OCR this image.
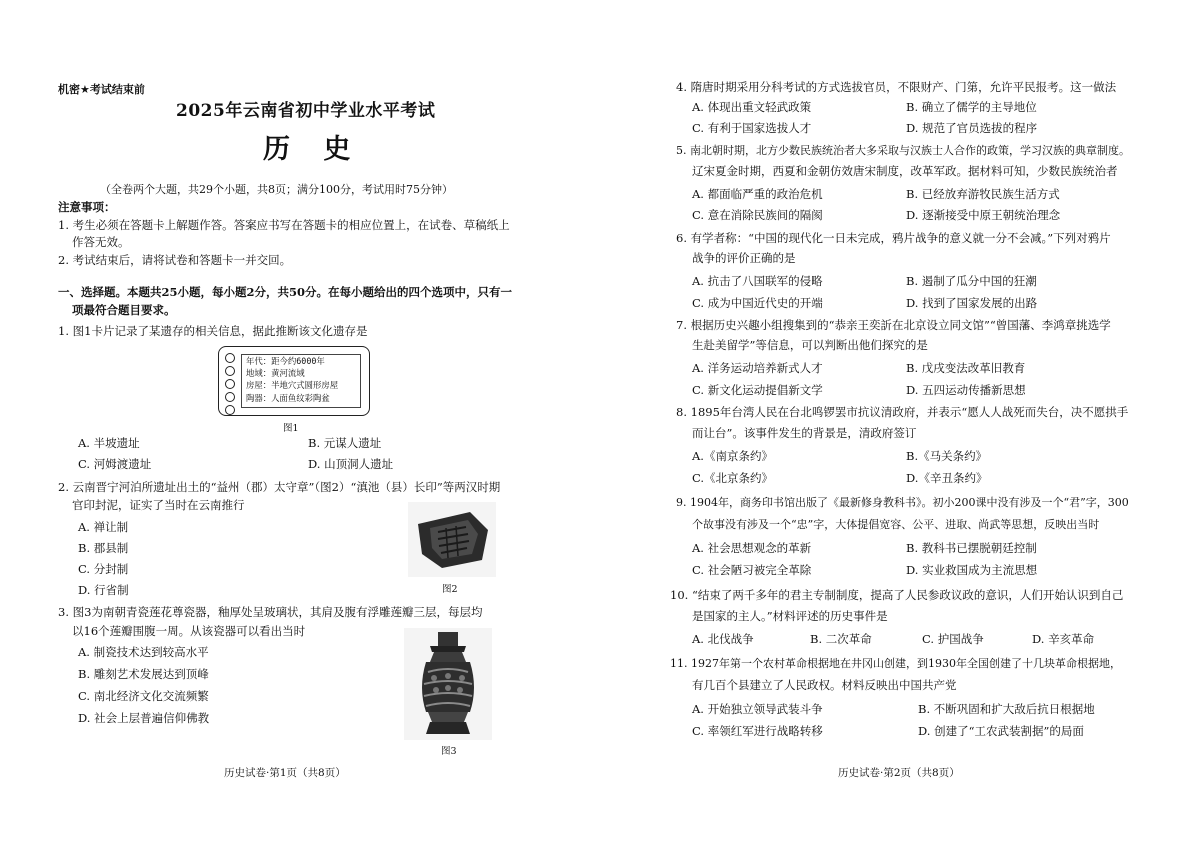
机密★考试结束前
2025年云南省初中学业水平考试
历 史
（全卷两个大题，共29个小题，共8页；满分100分，考试用时75分钟）
注意事项：
1. 考生必须在答题卡上解题作答。答案应书写在答题卡的相应位置上，在试卷、草稿纸上
作答无效。
2. 考试结束后，请将试卷和答题卡一并交回。
一、选择题。本题共25小题，每小题2分，共50分。在每小题给出的四个选项中，只有一
项最符合题目要求。
1. 图1卡片记录了某遗存的相关信息，据此推断该文化遗存是
年代：距今约6000年
地域：黄河流域
房屋：半地穴式圆形房屋
陶器：人面鱼纹彩陶盆
图1
A. 半坡遗址	B. 元谋人遗址
C. 河姆渡遗址	D. 山顶洞人遗址
2. 云南晋宁河泊所遗址出土的“益州（郡）太守章”（图2）“滇池（县）长印”等两汉时期
官印封泥，证实了当时在云南推行
A. 禅让制
B. 郡县制
C. 分封制
D. 行省制	图2
3. 图3为南朝青瓷莲花尊瓷器，釉厚处呈玻璃状，其肩及腹有浮雕莲瓣三层，每层均
以16个莲瓣围腹一周。从该瓷器可以看出当时
A. 制瓷技术达到较高水平
B. 雕刻艺术发展达到顶峰
C. 南北经济文化交流频繁
D. 社会上层普遍信仰佛教
图3
历史试卷·第1页（共8页）
4. 隋唐时期采用分科考试的方式选拔官员，不限财产、门第，允许平民报考。这一做法
A. 体现出重文轻武政策	B. 确立了儒学的主导地位
C. 有利于国家选拔人才	D. 规范了官员选拔的程序
5. 南北朝时期，北方少数民族统治者大多采取与汉族士人合作的政策，学习汉族的典章制度。
辽宋夏金时期，西夏和金朝仿效唐宋制度，改革军政。据材料可知，少数民族统治者
A. 都面临严重的政治危机	B. 已经放弃游牧民族生活方式
C. 意在消除民族间的隔阂	D. 逐渐接受中原王朝统治理念
6. 有学者称：“中国的现代化一日未完成，鸦片战争的意义就一分不会减。”下列对鸦片
战争的评价正确的是
A. 抗击了八国联军的侵略	B. 遏制了瓜分中国的狂潮
C. 成为中国近代史的开端	D. 找到了国家发展的出路
7. 根据历史兴趣小组搜集到的“恭亲王奕訢在北京设立同文馆”“曾国藩、李鸿章挑选学
生赴美留学”等信息，可以判断出他们探究的是
A. 洋务运动培养新式人才	B. 戊戌变法改革旧教育
C. 新文化运动提倡新文学	D. 五四运动传播新思想
8. 1895年台湾人民在台北鸣锣罢市抗议清政府，并表示“愿人人战死而失台，决不愿拱手
而让台”。该事件发生的背景是，清政府签订
A.《南京条约》	B.《马关条约》
C.《北京条约》	D.《辛丑条约》
9. 1904年，商务印书馆出版了《最新修身教科书》。初小200课中没有涉及一个“君”字，300
个故事没有涉及一个“忠”字，大体提倡宽容、公平、进取、尚武等思想，反映出当时
A. 社会思想观念的革新	B. 教科书已摆脱朝廷控制
C. 社会陋习被完全革除	D. 实业救国成为主流思想
10. “结束了两千多年的君主专制制度，提高了人民参政议政的意识，人们开始认识到自己
是国家的主人。”材料评述的历史事件是
A. 北伐战争	B. 二次革命	C. 护国战争	D. 辛亥革命
11. 1927年第一个农村革命根据地在井冈山创建，到1930年全国创建了十几块革命根据地，
有几百个县建立了人民政权。材料反映出中国共产党
A. 开始独立领导武装斗争	B. 不断巩固和扩大敌后抗日根据地
C. 率领红军进行战略转移	D. 创建了“工农武装割据”的局面
历史试卷·第2页（共8页）
